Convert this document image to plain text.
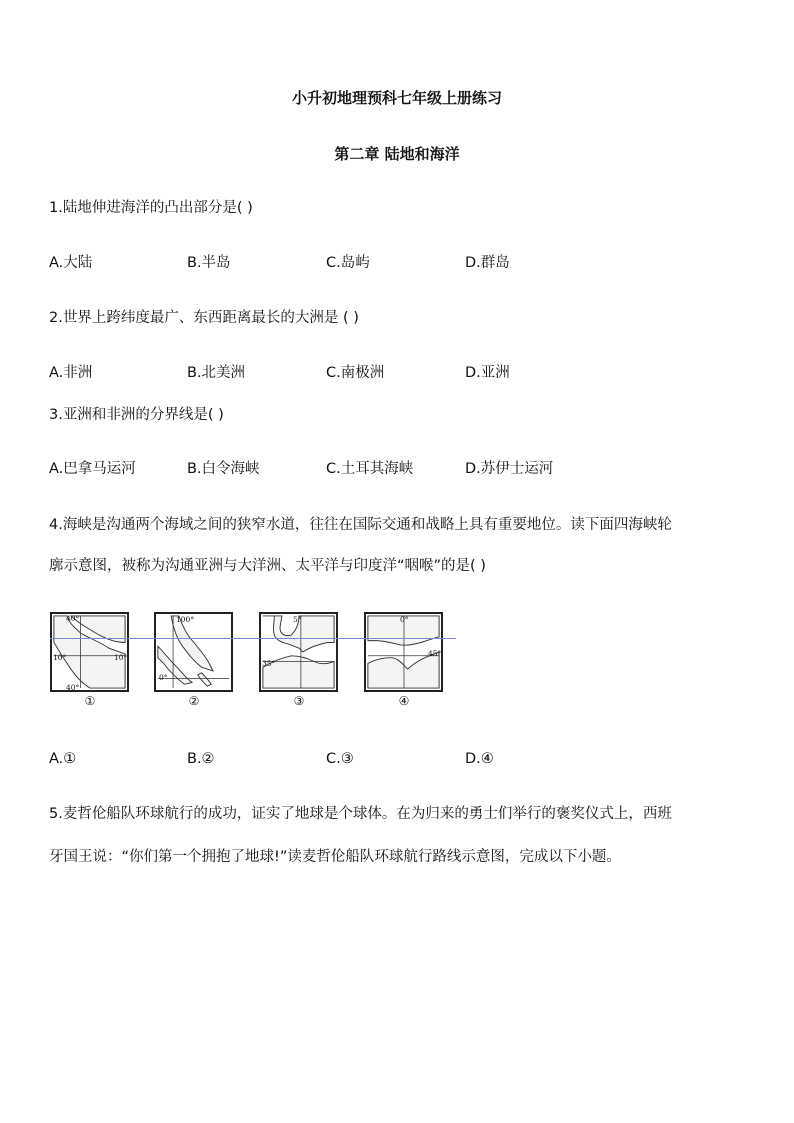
小升初地理预科七年级上册练习
第二章 陆地和海洋
1.陆地伸进海洋的凸出部分是( )
A.大陆	B.半岛	C.岛屿	D.群岛
2.世界上跨纬度最广、东西距离最长的大洲是 ( )
A.非洲	B.北美洲	C.南极洲	D.亚洲
3.亚洲和非洲的分界线是( )
A.巴拿马运河	B.白令海峡	C.土耳其海峡	D.苏伊士运河
4.海峡是沟通两个海域之间的狭窄水道，往往在国际交通和战略上具有重要地位。读下面四海峡轮
廓示意图，被称为沟通亚洲与大洋洲、太平洋与印度洋“咽喉”的是( )
40°
10°	10°
40°
①
100°
0°
②
5°
35°
③
0°
45°
④
A.①	B.②	C.③	D.④
5.麦哲伦船队环球航行的成功，证实了地球是个球体。在为归来的勇士们举行的褒奖仪式上，西班
牙国王说：“你们第一个拥抱了地球!”读麦哲伦船队环球航行路线示意图，完成以下小题。
